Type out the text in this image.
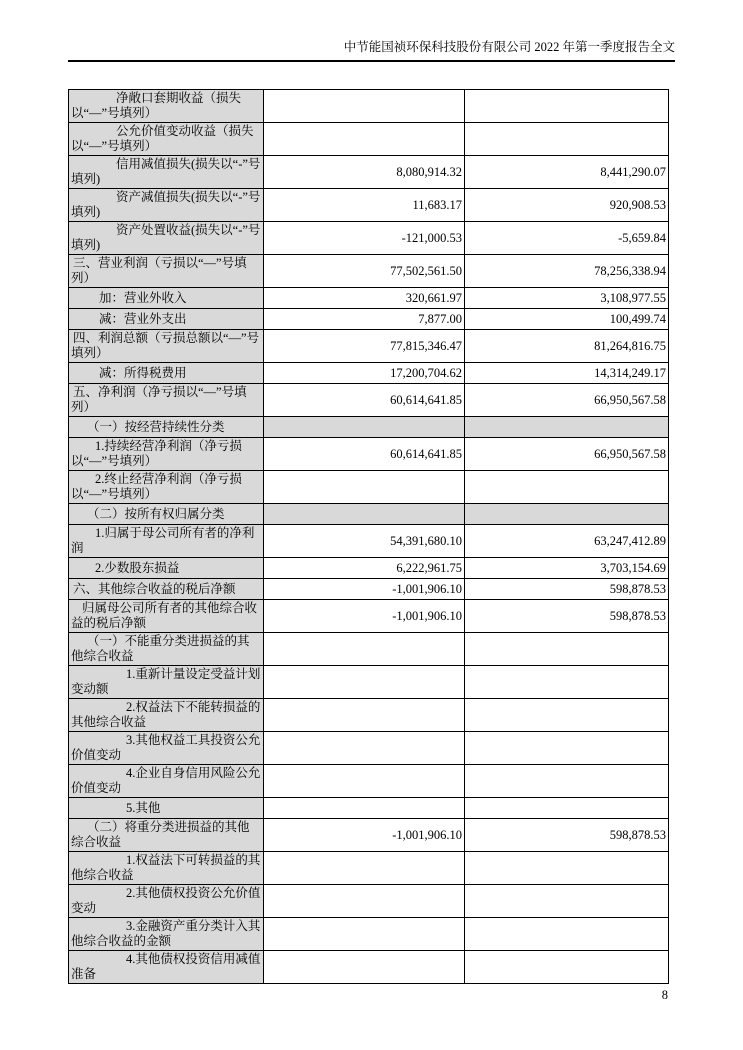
中节能国祯环保科技股份有限公司 2022 年第一季度报告全文
净敞口套期收益（损失以“—”号填列）		
公允价值变动收益（损失以“—”号填列）		
信用减值损失(损失以“-”号填列)	8,080,914.32	8,441,290.07
资产减值损失(损失以“-”号填列)	11,683.17	920,908.53
资产处置收益(损失以“-”号填列)	-121,000.53	-5,659.84
三、营业利润（亏损以“—”号填列）	77,502,561.50	78,256,338.94
加：营业外收入	320,661.97	3,108,977.55
减：营业外支出	7,877.00	100,499.74
四、利润总额（亏损总额以“—”号填列）	77,815,346.47	81,264,816.75
减：所得税费用	17,200,704.62	14,314,249.17
五、净利润（净亏损以“—”号填列）	60,614,641.85	66,950,567.58
（一）按经营持续性分类		
1.持续经营净利润（净亏损以“—”号填列）	60,614,641.85	66,950,567.58
2.终止经营净利润（净亏损以“—”号填列）		
（二）按所有权归属分类		
1.归属于母公司所有者的净利润	54,391,680.10	63,247,412.89
2.少数股东损益	6,222,961.75	3,703,154.69
六、其他综合收益的税后净额	-1,001,906.10	598,878.53
归属母公司所有者的其他综合收益的税后净额	-1,001,906.10	598,878.53
（一）不能重分类进损益的其他综合收益		
1.重新计量设定受益计划变动额		
2.权益法下不能转损益的其他综合收益		
3.其他权益工具投资公允价值变动		
4.企业自身信用风险公允价值变动		
5.其他		
（二）将重分类进损益的其他综合收益	-1,001,906.10	598,878.53
1.权益法下可转损益的其他综合收益		
2.其他债权投资公允价值变动		
3.金融资产重分类计入其他综合收益的金额		
4.其他债权投资信用减值准备		
8
